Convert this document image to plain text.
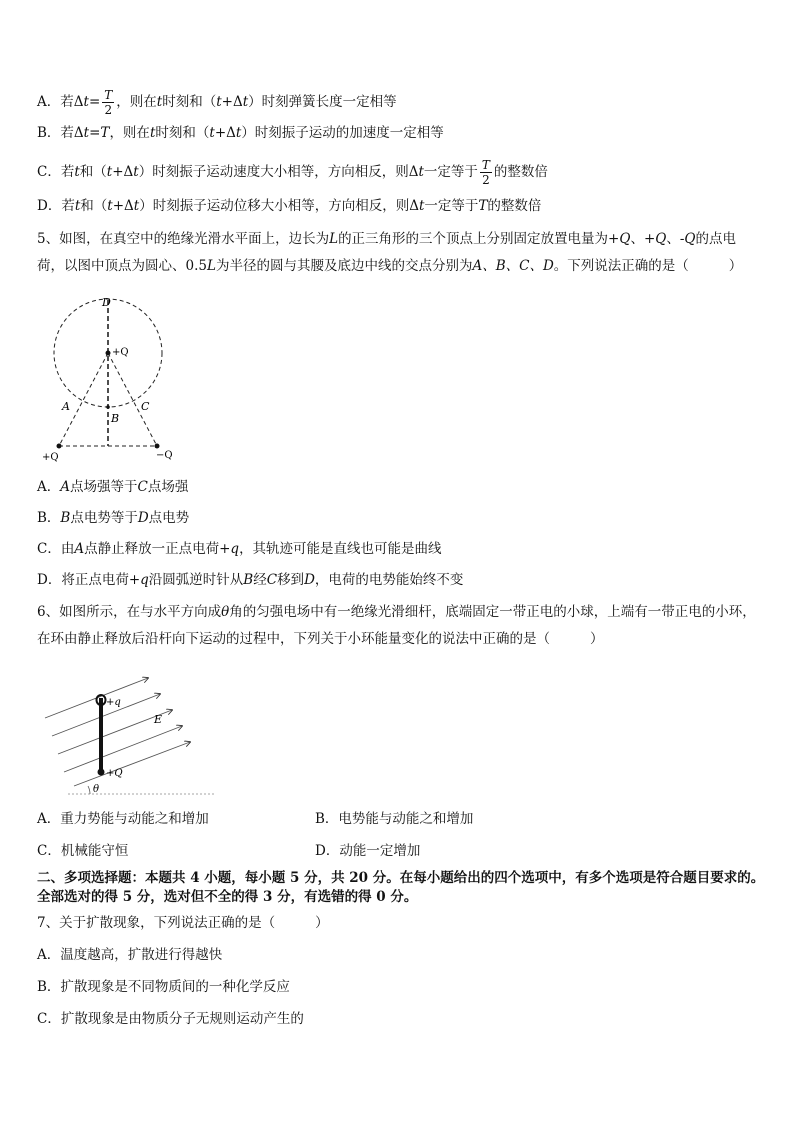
A．若$\Delta t= \frac{T}{2}$ ，则在t时刻和（t+Δt）时刻弹簧长度一定相等
B．若Δt=T，则在t时刻和（t+Δt）时刻振子运动的加速度一定相等
C．若t和（t+Δt）时刻振子运动速度大小相等，方向相反，则Δt一定等于 $\frac{T}{2}$ 的整数倍
D．若t和（t+Δt）时刻振子运动位移大小相等，方向相反，则Δt一定等于T的整数倍
5、如图，在真空中的绝缘光滑水平面上，边长为L的正三角形的三个顶点上分别固定放置电量为+Q、+Q、-Q的点电荷，以图中顶点为圆心、0.5L为半径的圆与其腰及底边中线的交点分别为A、B、C、D。下列说法正确的是（	）
D
+Q
A
B
C
+Q	−Q
A．A点场强等于C点场强
B．B点电势等于D点电势
C．由A点静止释放一正点电荷+q，其轨迹可能是直线也可能是曲线
D．将正点电荷+q沿圆弧逆时针从B经C移到D，电荷的电势能始终不变
6、如图所示，在与水平方向成θ角的匀强电场中有一绝缘光滑细杆，底端固定一带正电的小球，上端有一带正电的小环，在环由静止释放后沿杆向下运动的过程中，下列关于小环能量变化的说法中正确的是（	）
+q
E
+Q
θ
A．重力势能与动能之和增加	B．电势能与动能之和增加
C．机械能守恒	D．动能一定增加
二、多项选择题：本题共 4 小题，每小题 5 分，共 20 分。在每小题给出的四个选项中，有多个选项是符合题目要求的。
全部选对的得 5 分，选对但不全的得 3 分，有选错的得 0 分。
7、关于扩散现象，下列说法正确的是（	）
A．温度越高，扩散进行得越快
B．扩散现象是不同物质间的一种化学反应
C．扩散现象是由物质分子无规则运动产生的
